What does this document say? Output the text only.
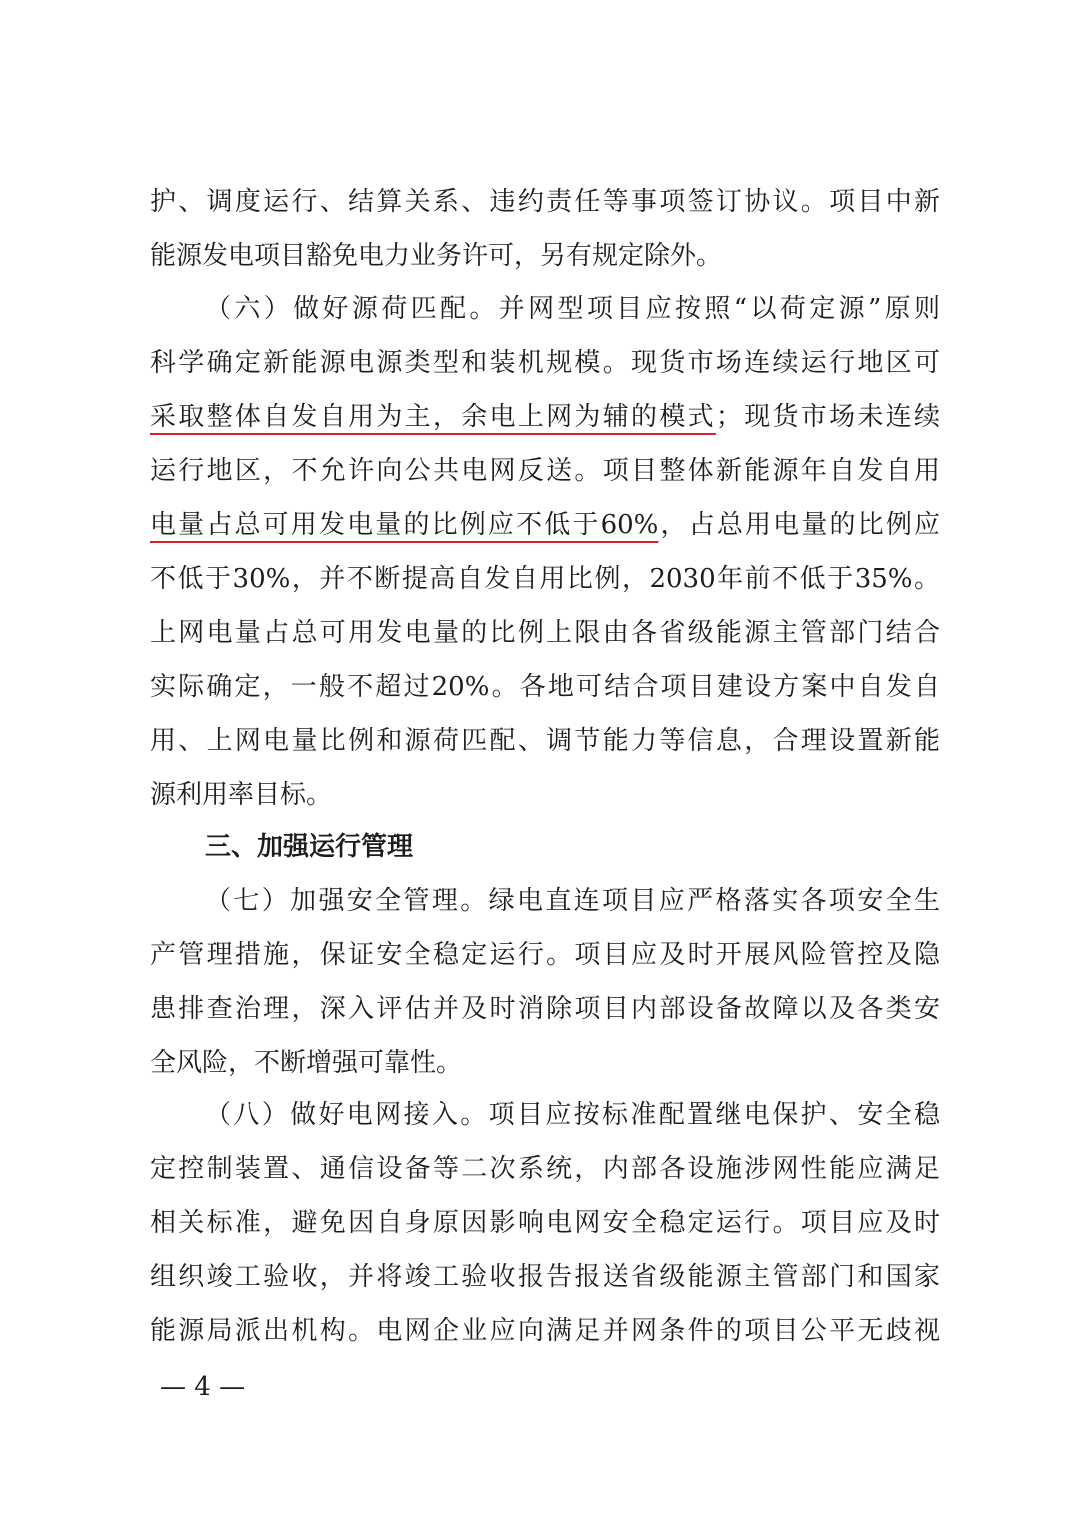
护、调度运行、结算关系、违约责任等事项签订协议。项目中新
能源发电项目豁免电力业务许可，另有规定除外。
（六）做好源荷匹配。并网型项目应按照“以荷定源”原则
科学确定新能源电源类型和装机规模。现货市场连续运行地区可
采取整体自发自用为主，余电上网为辅的模式；现货市场未连续
运行地区，不允许向公共电网反送。项目整体新能源年自发自用
电量占总可用发电量的比例应不低于60%，占总用电量的比例应
不低于30%，并不断提高自发自用比例，2030年前不低于35%。
上网电量占总可用发电量的比例上限由各省级能源主管部门结合
实际确定，一般不超过20%。各地可结合项目建设方案中自发自
用、上网电量比例和源荷匹配、调节能力等信息，合理设置新能
源利用率目标。
三、加强运行管理
（七）加强安全管理。绿电直连项目应严格落实各项安全生
产管理措施，保证安全稳定运行。项目应及时开展风险管控及隐
患排查治理，深入评估并及时消除项目内部设备故障以及各类安
全风险，不断增强可靠性。
（八）做好电网接入。项目应按标准配置继电保护、安全稳
定控制装置、通信设备等二次系统，内部各设施涉网性能应满足
相关标准，避免因自身原因影响电网安全稳定运行。项目应及时
组织竣工验收，并将竣工验收报告报送省级能源主管部门和国家
能源局派出机构。电网企业应向满足并网条件的项目公平无歧视
— 4 —
